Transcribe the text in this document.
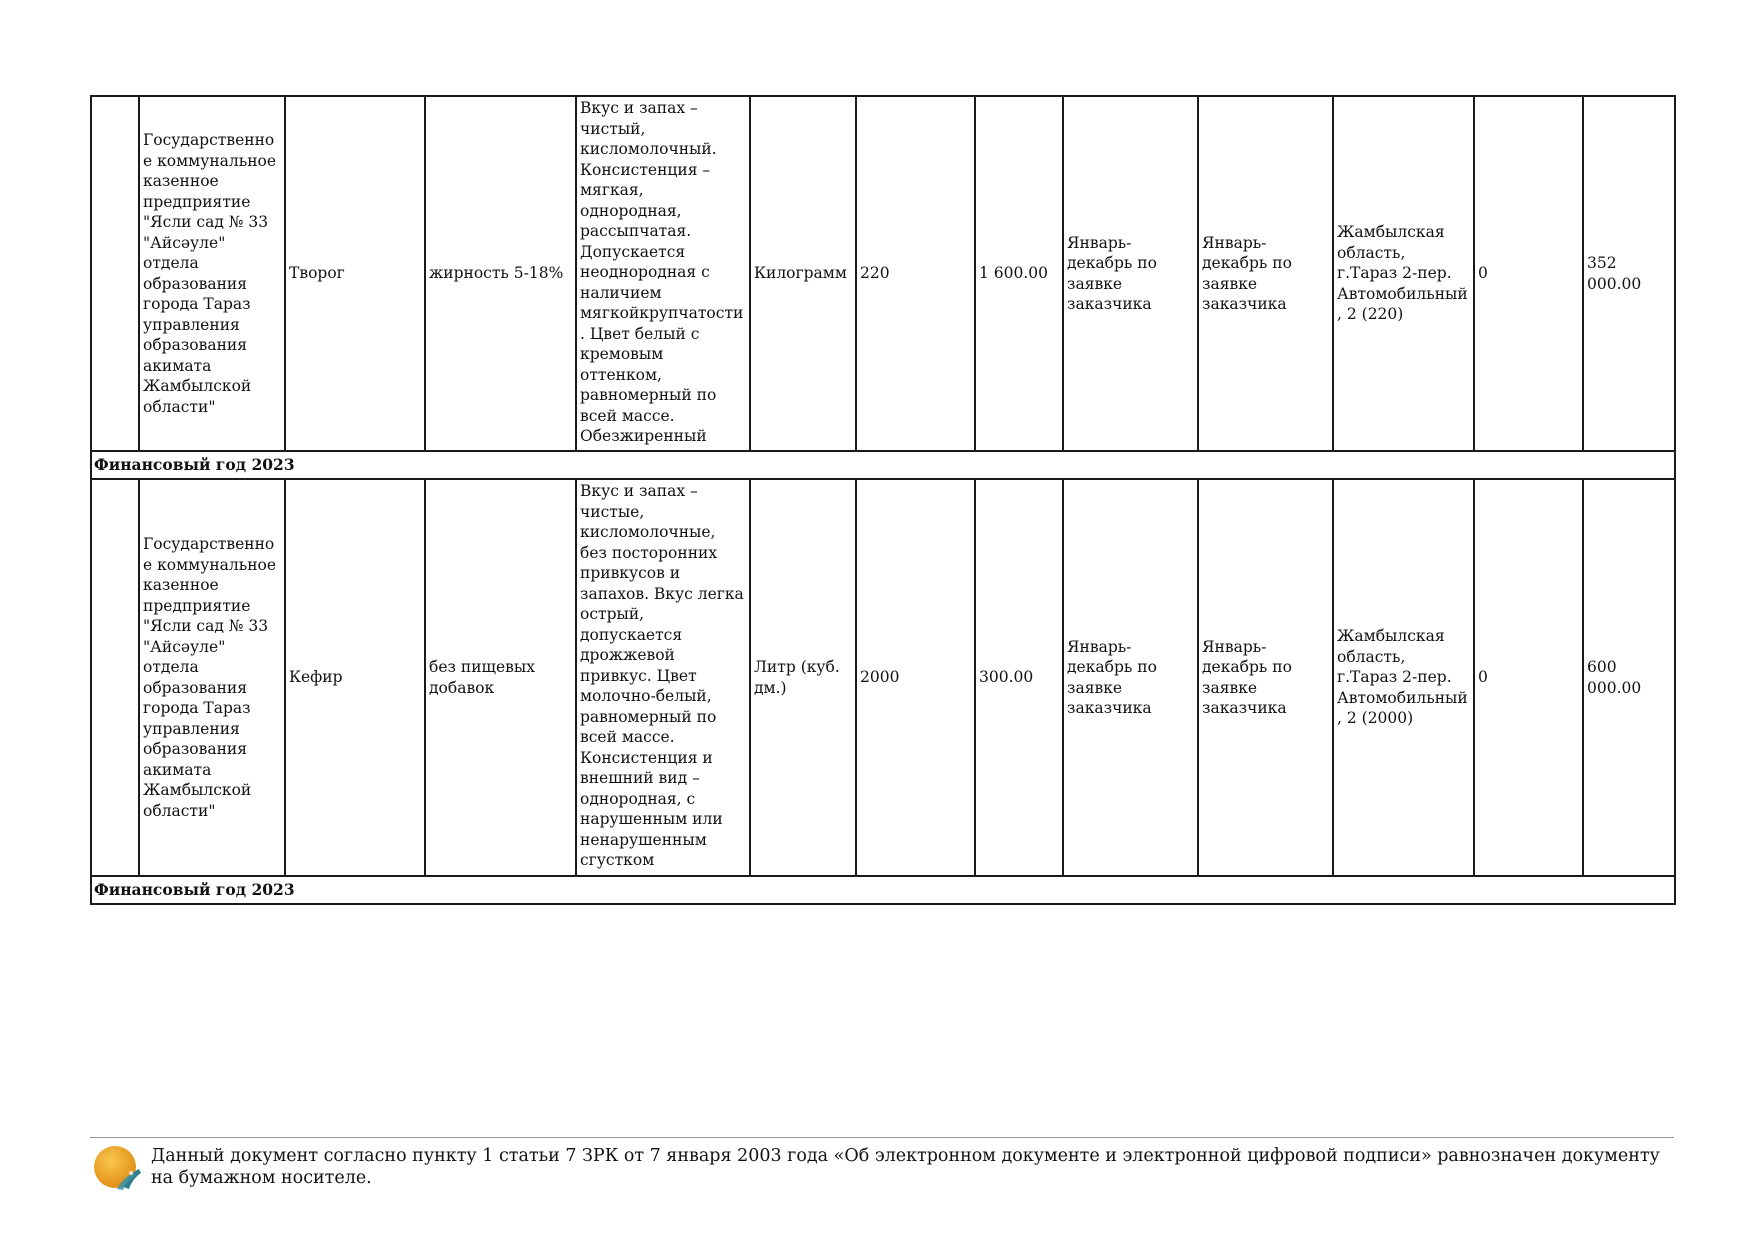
	Государственное коммунальное казенное предприятие "Ясли сад № 33 "Айсәуле" отдела образования города Тараз управления образования акимата Жамбылской области"	Творог	жирность 5-18%	Вкус и запах – чистый, кисломолочный. Консистенция – мягкая, однородная, рассыпчатая. Допускается неоднородная с наличием мягкойкрупчатости. Цвет белый с кремовым оттенком, равномерный по всей массе. Обезжиренный	Килограмм	220	1 600.00	Январь-декабрь по заявке заказчика	Январь-декабрь по заявке заказчика	Жамбылская область, г.Тараз 2-пер. Автомобильный, 2 (220)	0	352 000.00
Финансовый год 2023												
	Государственное коммунальное казенное предприятие "Ясли сад № 33 "Айсәуле" отдела образования города Тараз управления образования акимата Жамбылской области"	Кефир	без пищевых добавок	Вкус и запах – чистые, кисломолочные, без посторонних привкусов и запахов. Вкус легка острый, допускается дрожжевой привкус. Цвет молочно-белый, равномерный по всей массе. Консистенция и внешний вид – однородная, с нарушенным или ненарушенным сгустком	Литр (куб. дм.)	2000	300.00	Январь-декабрь по заявке заказчика	Январь-декабрь по заявке заказчика	Жамбылская область, г.Тараз 2-пер. Автомобильный, 2 (2000)	0	600 000.00
Финансовый год 2023												
Данный документ согласно пункту 1 статьи 7 ЗРК от 7 января 2003 года «Об электронном документе и электронной цифровой подписи» равнозначен документу на бумажном носителе.
